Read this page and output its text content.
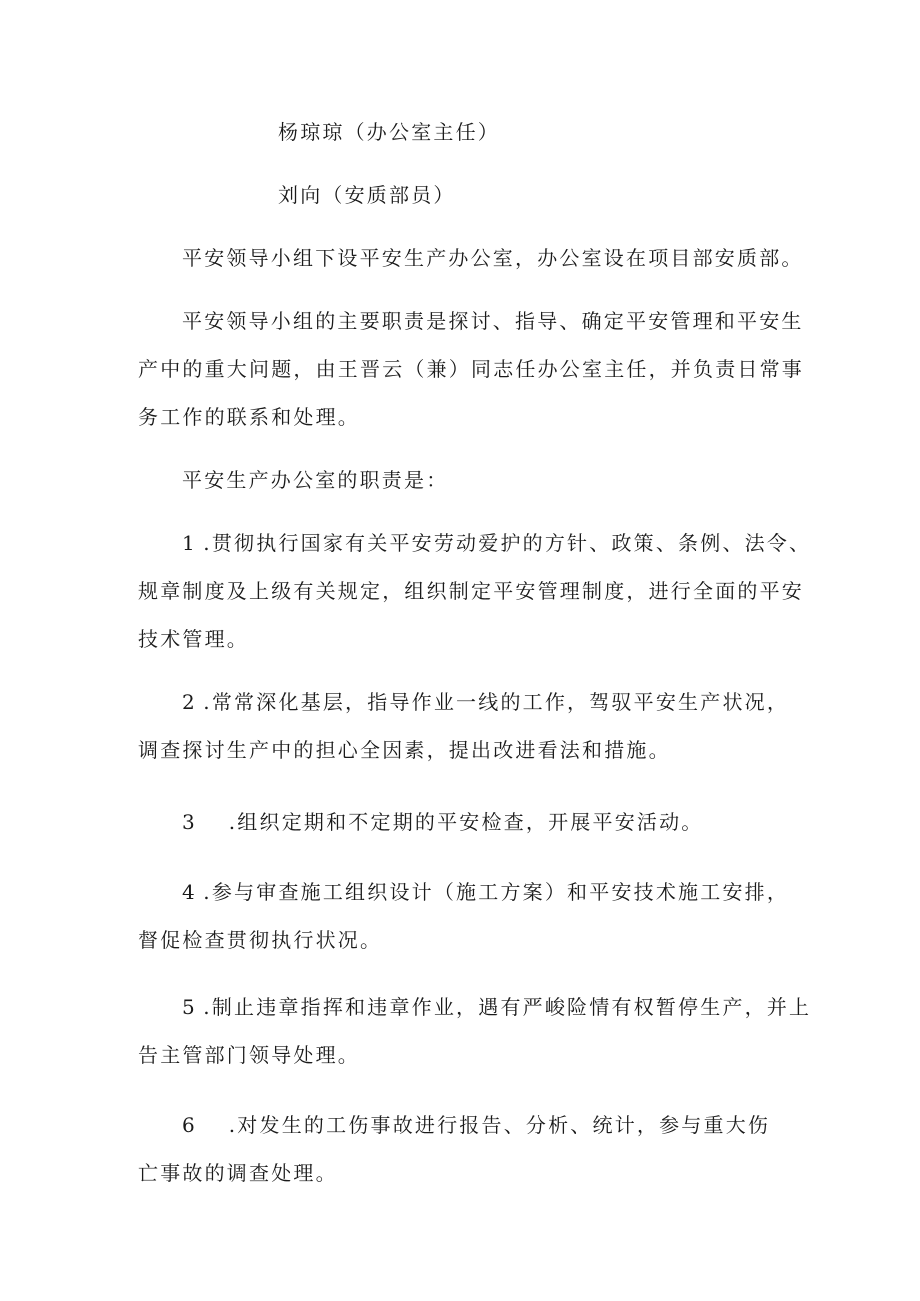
杨琼琼（办公室主任）
刘向（安质部员）
平安领导小组下设平安生产办公室，办公室设在项目部安质部。
平安领导小组的主要职责是探讨、指导、确定平安管理和平安生
产中的重大问题，由王晋云（兼）同志任办公室主任，并负责日常事
务工作的联系和处理。
平安生产办公室的职责是：
1 .贯彻执行国家有关平安劳动爱护的方针、政策、条例、法令、
规章制度及上级有关规定，组织制定平安管理制度，进行全面的平安
技术管理。
2 .常常深化基层，指导作业一线的工作，驾驭平安生产状况，
调查探讨生产中的担心全因素，提出改进看法和措施。
3 .组织定期和不定期的平安检查，开展平安活动。
4 .参与审查施工组织设计（施工方案）和平安技术施工安排，
督促检查贯彻执行状况。
5 .制止违章指挥和违章作业，遇有严峻险情有权暂停生产，并上
告主管部门领导处理。
6 .对发生的工伤事故进行报告、分析、统计，参与重大伤
亡事故的调查处理。
